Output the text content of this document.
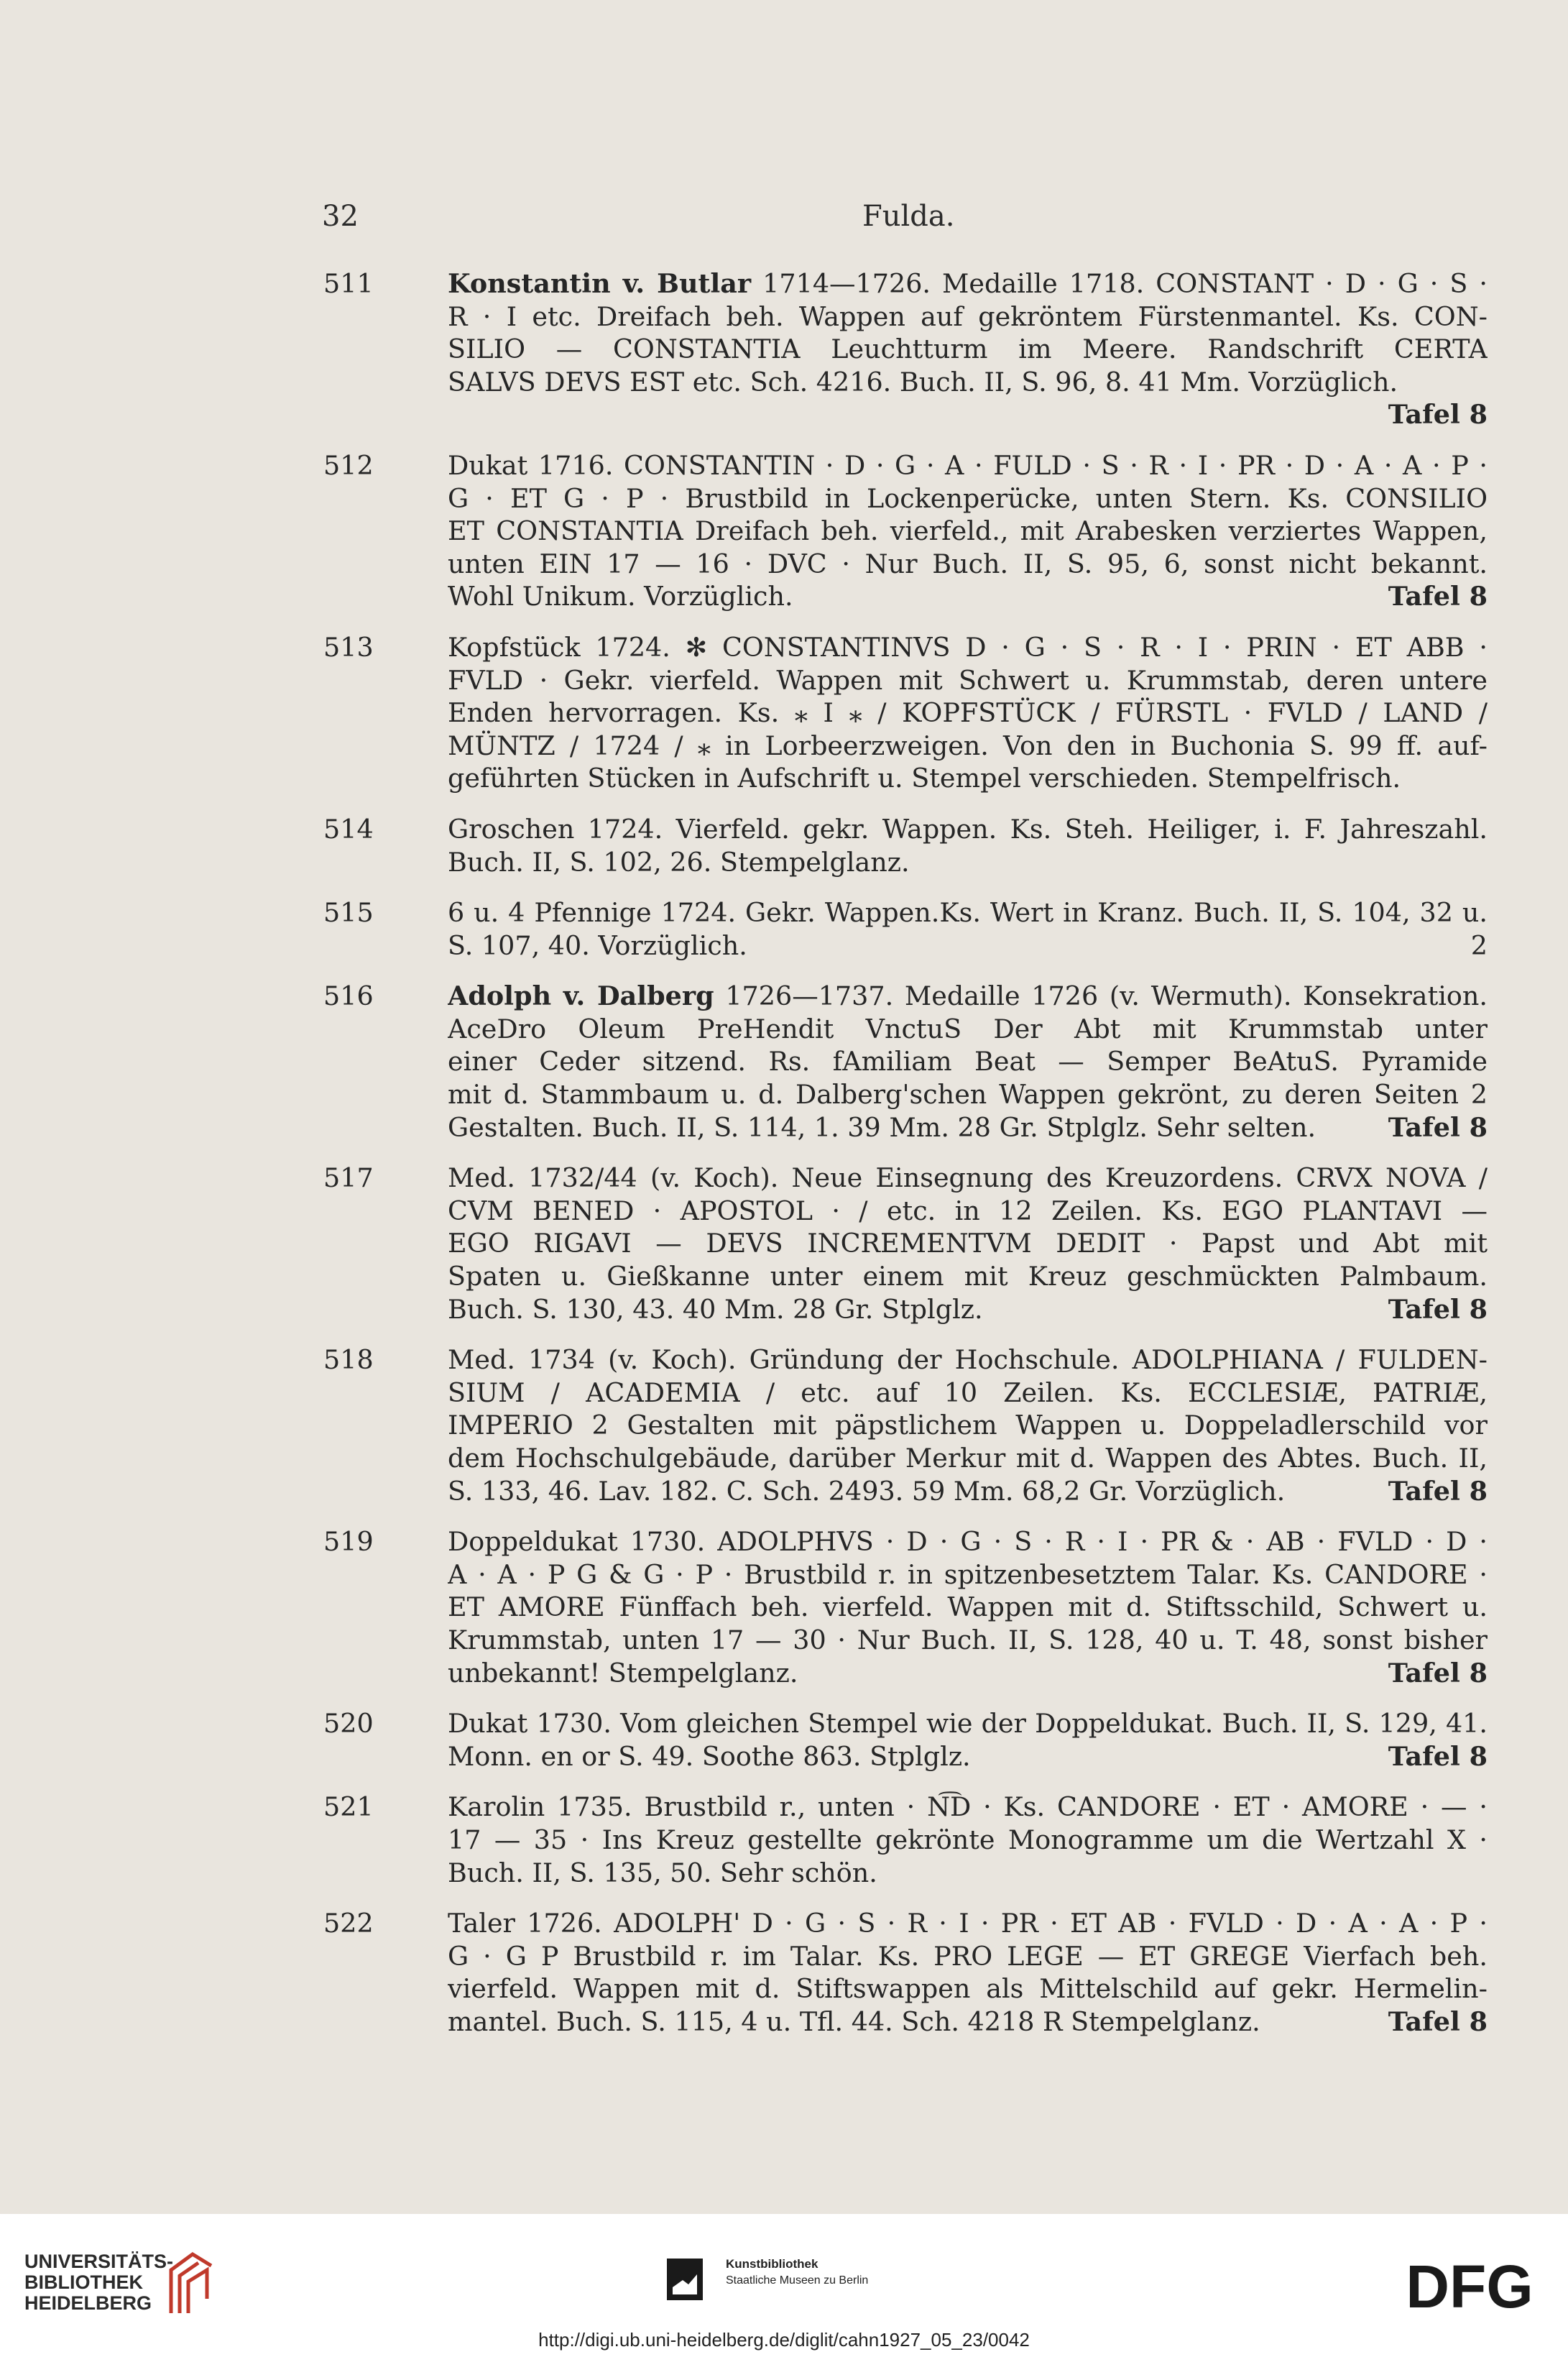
32	Fulda.
511	Konstantin v. Butlar 1714—1726. Medaille 1718. CONSTANT · D · G · S ·
R · I etc. Dreifach beh. Wappen auf gekröntem Fürstenmantel. Ks. CON-
SILIO — CONSTANTIA Leuchtturm im Meere. Randschrift CERTA
SALVS DEVS EST etc. Sch. 4216. Buch. II, S. 96, 8. 41 Mm. Vorzüglich.
Tafel 8
512	Dukat 1716. CONSTANTIN · D · G · A · FULD · S · R · I · PR · D · A · A · P ·
G · ET G · P · Brustbild in Lockenperücke, unten Stern. Ks. CONSILIO
ET CONSTANTIA Dreifach beh. vierfeld., mit Arabesken verziertes Wappen,
unten EIN 17 — 16 · DVC · Nur Buch. II, S. 95, 6, sonst nicht bekannt.
Tafel 8
Wohl Unikum. Vorzüglich.
513	Kopfstück 1724. ✻ CONSTANTINVS D · G · S · R · I · PRIN · ET ABB ·
FVLD · Gekr. vierfeld. Wappen mit Schwert u. Krummstab, deren untere
Enden hervorragen. Ks. ⁎ I ⁎ / KOPFSTÜCK / FÜRSTL · FVLD / LAND /
MÜNTZ / 1724 / ⁎ in Lorbeerzweigen. Von den in Buchonia S. 99 ff. auf-
geführten Stücken in Aufschrift u. Stempel verschieden. Stempelfrisch.
514	Groschen 1724. Vierfeld. gekr. Wappen. Ks. Steh. Heiliger, i. F. Jahreszahl.
Buch. II, S. 102, 26. Stempelglanz.
515	6 u. 4 Pfennige 1724. Gekr. Wappen.Ks. Wert in Kranz. Buch. II, S. 104, 32 u.
2
S. 107, 40. Vorzüglich.
516	Adolph v. Dalberg 1726—1737. Medaille 1726 (v. Wermuth). Konsekration.
AcеDro Oleum PreHendit VnctuS Der Abt mit Krummstab unter
einer Ceder sitzend. Rs. fAmiliam Beat — Semper BeAtuS. Pyramide
mit d. Stammbaum u. d. Dalberg'schen Wappen gekrönt, zu deren Seiten 2
Tafel 8
Gestalten. Buch. II, S. 114, 1. 39 Mm. 28 Gr. Stplglz. Sehr selten.
517	Med. 1732/44 (v. Koch). Neue Einsegnung des Kreuzordens. CRVX NOVA /
CVM BENED · APOSTOL · / etc. in 12 Zeilen. Ks. EGO PLANTAVI —
EGO RIGAVI — DEVS INCREMENTVM DEDIT · Papst und Abt mit
Spaten u. Gießkanne unter einem mit Kreuz geschmückten Palmbaum.
Tafel 8
Buch. S. 130, 43. 40 Mm. 28 Gr. Stplglz.
518	Med. 1734 (v. Koch). Gründung der Hochschule. ADOLPHIANA / FULDEN-
SIUM / ACADEMIA / etc. auf 10 Zeilen. Ks. ECCLESIÆ, PATRIÆ,
IMPERIO 2 Gestalten mit päpstlichem Wappen u. Doppeladlerschild vor
dem Hochschulgebäude, darüber Merkur mit d. Wappen des Abtes. Buch. II,
Tafel 8
S. 133, 46. Lav. 182. C. Sch. 2493. 59 Mm. 68,2 Gr. Vorzüglich.
519	Doppeldukat 1730. ADOLPHVS · D · G · S · R · I · PR & · AB · FVLD · D ·
A · A · P G & G · P · Brustbild r. in spitzenbesetztem Talar. Ks. CANDORE ·
ET AMORE Fünffach beh. vierfeld. Wappen mit d. Stiftsschild, Schwert u.
Krummstab, unten 17 — 30 · Nur Buch. II, S. 128, 40 u. T. 48, sonst bisher
Tafel 8
unbekannt! Stempelglanz.
520	Dukat 1730. Vom gleichen Stempel wie der Doppeldukat. Buch. II, S. 129, 41.
Tafel 8
Monn. en or S. 49. Soothe 863. Stplglz.
521	Karolin 1735. Brustbild r., unten · N͡D · Ks. CANDORE · ET · AMORE · — ·
17 — 35 · Ins Kreuz gestellte gekrönte Monogramme um die Wertzahl X ·
Buch. II, S. 135, 50. Sehr schön.
522	Taler 1726. ADOLPH' D · G · S · R · I · PR · ET AB · FVLD · D · A · A · P ·
G · G P Brustbild r. im Talar. Ks. PRO LEGE — ET GREGE Vierfach beh.
vierfeld. Wappen mit d. Stiftswappen als Mittelschild auf gekr. Hermelin-
Tafel 8
mantel. Buch. S. 115, 4 u. Tfl. 44. Sch. 4218 R Stempelglanz.
UNIVERSITÄTS-
BIBLIOTHEK
HEIDELBERG
Kunstbibliothek
Staatliche Museen zu Berlin	DFG
http://digi.ub.uni-heidelberg.de/diglit/cahn1927_05_23/0042
